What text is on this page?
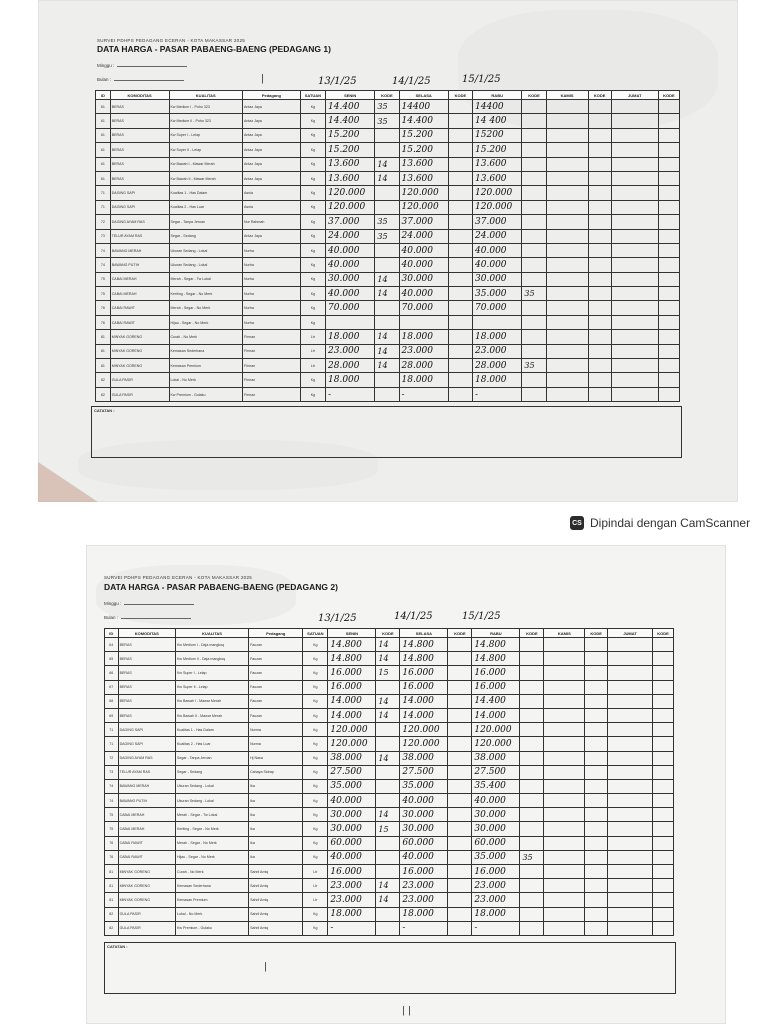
SURVEI PDHPS PEDAGANG ECERAN - KOTA MAKASSAR 2025
DATA HARGA - PASAR PABAENG-BAENG (PEDAGANG 1)
Minggu :
Bulan :	|	13/1/25	14/1/25	15/1/25
ID	KOMODITAS	KUALITAS	Pedagang	SATUAN	SENIN	KODE	SELASA	KODE	RABU	KODE	KAMIS	KODE	JUMAT	KODE
61	BERAS	Kw Medium I - Poho 323	Antaz Jaya	Kg	14.400	35	14400		14400					
61	BERAS	Kw Medium II - Poho 323	Antaz Jaya	Kg	14.400	35	14.400		14 400					
61	BERAS	Kw Super I - Lelap	Antaz Jaya	Kg	15.200		15.200		15200					
61	BERAS	Kw Super II - Lelap	Antaz Jaya	Kg	15.200		15.200		15.200					
61	BERAS	Kw Bawah I - Mawar Merah	Antaz Jaya	Kg	13.600	14	13.600		13.600					
61	BERAS	Kw Bawah II - Mawar Merah	Antaz Jaya	Kg	13.600	14	13.600		13.600					
71	DAGING SAPI	Kualitas 1 - Has Dalam	Asnia	Kg	120.000		120.000		120.000					
71	DAGING SAPI	Kualitas 2 - Has Luar	Asnia	Kg	120.000		120.000		120.000					
72	DAGING AYAM RAS	Segar - Tanpa Jeroan	Nur Rahmah	Kg	37.000	35	37.000		37.000					
73	TELUR AYAM RAS	Segar - Sedang	Antaz Jaya	Kg	24.000	35	24.000		24.000					
74	BAWANG MERAH	Ukuran Sedang - Lokal	Nurha	Kg	40.000		40.000		40.000					
74	BAWANG PUTIH	Ukuran Sedang - Lokal	Nurha	Kg	40.000		40.000		40.000					
75	CABAI MERAH	Merah - Segar - Tw Lokal	Nurha	Kg	30.000	14	30.000		30.000					
75	CABAI MERAH	Keriting - Segar - No Merk	Nurha	Kg	40.000	14	40.000		35.000	35				
76	CABAI RAWIT	Merah - Segar - No Merk	Nurha	Kg	70.000		70.000		70.000					
76	CABAI RAWIT	Hijau - Segar - No Merk	Nurha	Kg										
81	MINYAK GORENG	Curah - No Merk	Firman	Ltr	18.000	14	18.000		18.000					
81	MINYAK GORENG	Kemasan Sederhana	Firman	Ltr	23.000	14	23.000		23.000					
81	MINYAK GORENG	Kemasan Premium	Firman	Ltr	28.000	14	28.000		28.000	35				
82	GULA PASIR	Lokal - No Merk	Firman	Kg	18.000		18.000		18.000					
82	GULA PASIR	Kw Premium - Gulaku	Firman	Kg	-		-		-					
CATATAN :
CS Dipindai dengan CamScanner
SURVEI PDHPS PEDAGANG ECERAN - KOTA MAKASSAR 2025
DATA HARGA - PASAR PABAENG-BAENG (PEDAGANG 2)
Minggu :
Bulan :	13/1/25	14/1/25	15/1/25
ID	KOMODITAS	KUALITAS	Pedagang	SATUAN	SENIN	KODE	SELASA	KODE	RABU	KODE	KAMIS	KODE	JUMAT	KODE
64	BERAS	Kw Medium I - Daja mangkoq	Fauzan	Kg	14.800	14	14.800		14.800					
65	BERAS	Kw Medium II - Daja mangkoq	Fauzan	Kg	14.800	14	14.800		14.800					
66	BERAS	Kw Super I - Lelap	Fauzan	Kg	16.000	15	16.000		16.000					
67	BERAS	Kw Super II - Lelap	Fauzan	Kg	16.000		16.000		16.000					
68	BERAS	Kw Bawah I - Mawar Merah	Fauzan	Kg	14.000	14	14.000		14.400					
69	BERAS	Kw Bawah II - Mawar Merah	Fauzan	Kg	14.000	14	14.000		14.000					
71	DAGING SAPI	Kualitas 1 - Has Dalam	Nurma	Kg	120.000		120.000		120.000					
71	DAGING SAPI	Kualitas 2 - Has Luar	Nurma	Kg	120.000		120.000		120.000					
72	DAGING AYAM RAS	Segar - Tanpa Jeroan	Hj Nasa	Kg	38.000	14	38.000		38.000					
73	TELUR AYAM RAS	Segar - Sedang	Cahaya Sidrap	Kg	27.500		27.500		27.500					
74	BAWANG MERAH	Ukuran Sedang - Lokal	Ika	Kg	35.000		35.000		35.400					
74	BAWANG PUTIH	Ukuran Sedang - Lokal	Ika	Kg	40.000		40.000		40.000					
75	CABAI MERAH	Merah - Segar - Tw Lokal	Ika	Kg	30.000	14	30.000		30.000					
75	CABAI MERAH	Keriting - Segar - No Merk	Ika	Kg	30.000	15	30.000		30.000					
76	CABAI RAWIT	Merah - Segar - No Merk	Ika	Kg	60.000		60.000		60.000					
76	CABAI RAWIT	Hijau - Segar - No Merk	Ika	Kg	40.000		40.000		35.000	35				
81	MINYAK GORENG	Curah - No Merk	Sahril Amiq	Ltr	16.000		16.000		16.000					
81	MINYAK GORENG	Kemasan Sederhana	Sahril Amiq	Ltr	23.000	14	23.000		23.000					
81	MINYAK GORENG	Kemasan Premium	Sahril Amiq	Ltr	23.000	14	23.000		23.000					
82	GULA PASIR	Lokal - No Merk	Sahril Amiq	Kg	18.000		18.000		18.000					
82	GULA PASIR	Kw Premium - Gulaku	Sahril Amiq	Kg	-		-		-					
CATATAN :
|
| |
